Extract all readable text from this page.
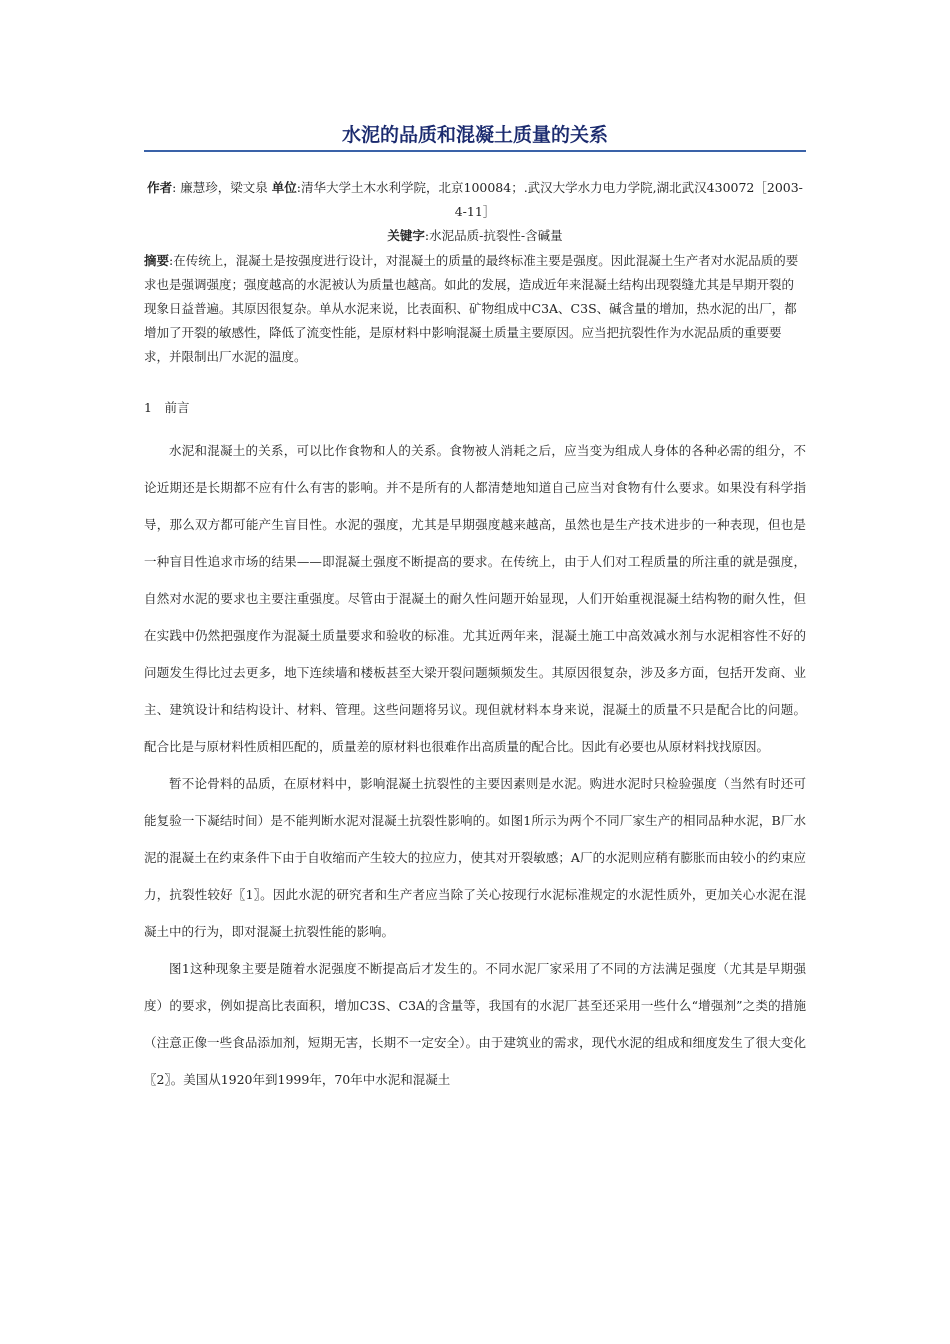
水泥的品质和混凝土质量的关系
作者: 廉慧珍，梁文泉 单位:清华大学土木水利学院，北京100084；.武汉大学水力电力学院,湖北武汉430072［2003-4-11］
关键字:水泥品质-抗裂性-含碱量
摘要:在传统上，混凝土是按强度进行设计，对混凝土的质量的最终标准主要是强度。因此混凝土生产者对水泥品质的要求也是强调强度；强度越高的水泥被认为质量也越高。如此的发展，造成近年来混凝土结构出现裂缝尤其是早期开裂的现象日益普遍。其原因很复杂。单从水泥来说，比表面积、矿物组成中C3A、C3S、碱含量的增加，热水泥的出厂，都增加了开裂的敏感性，降低了流变性能，是原材料中影响混凝土质量主要原因。应当把抗裂性作为水泥品质的重要要求，并限制出厂水泥的温度。
1　前言

水泥和混凝土的关系，可以比作食物和人的关系。食物被人消耗之后，应当变为组成人身体的各种必需的组分，不论近期还是长期都不应有什么有害的影响。并不是所有的人都清楚地知道自己应当对食物有什么要求。如果没有科学指导，那么双方都可能产生盲目性。水泥的强度，尤其是早期强度越来越高，虽然也是生产技术进步的一种表现，但也是一种盲目性追求市场的结果——即混凝土强度不断提高的要求。在传统上，由于人们对工程质量的所注重的就是强度，自然对水泥的要求也主要注重强度。尽管由于混凝土的耐久性问题开始显现，人们开始重视混凝土结构物的耐久性，但在实践中仍然把强度作为混凝土质量要求和验收的标准。尤其近两年来，混凝土施工中高效减水剂与水泥相容性不好的问题发生得比过去更多，地下连续墙和楼板甚至大梁开裂问题频频发生。其原因很复杂，涉及多方面，包括开发商、业主、建筑设计和结构设计、材料、管理。这些问题将另议。现但就材料本身来说，混凝土的质量不只是配合比的问题。配合比是与原材料性质相匹配的，质量差的原材料也很难作出高质量的配合比。因此有必要也从原材料找找原因。

暂不论骨料的品质，在原材料中，影响混凝土抗裂性的主要因素则是水泥。购进水泥时只检验强度（当然有时还可能复验一下凝结时间）是不能判断水泥对混凝土抗裂性影响的。如图1所示为两个不同厂家生产的相同品种水泥，B厂水泥的混凝土在约束条件下由于自收缩而产生较大的拉应力，使其对开裂敏感；A厂的水泥则应稍有膨胀而由较小的约束应力，抗裂性较好〖1〗。因此水泥的研究者和生产者应当除了关心按现行水泥标准规定的水泥性质外，更加关心水泥在混凝土中的行为，即对混凝土抗裂性能的影响。

图1这种现象主要是随着水泥强度不断提高后才发生的。不同水泥厂家采用了不同的方法满足强度（尤其是早期强度）的要求，例如提高比表面积，增加C3S、C3A的含量等，我国有的水泥厂甚至还采用一些什么“增强剂”之类的措施（注意正像一些食品添加剂，短期无害，长期不一定安全）。由于建筑业的需求，现代水泥的组成和细度发生了很大变化〖2〗。美国从1920年到1999年，70年中水泥和混凝土
